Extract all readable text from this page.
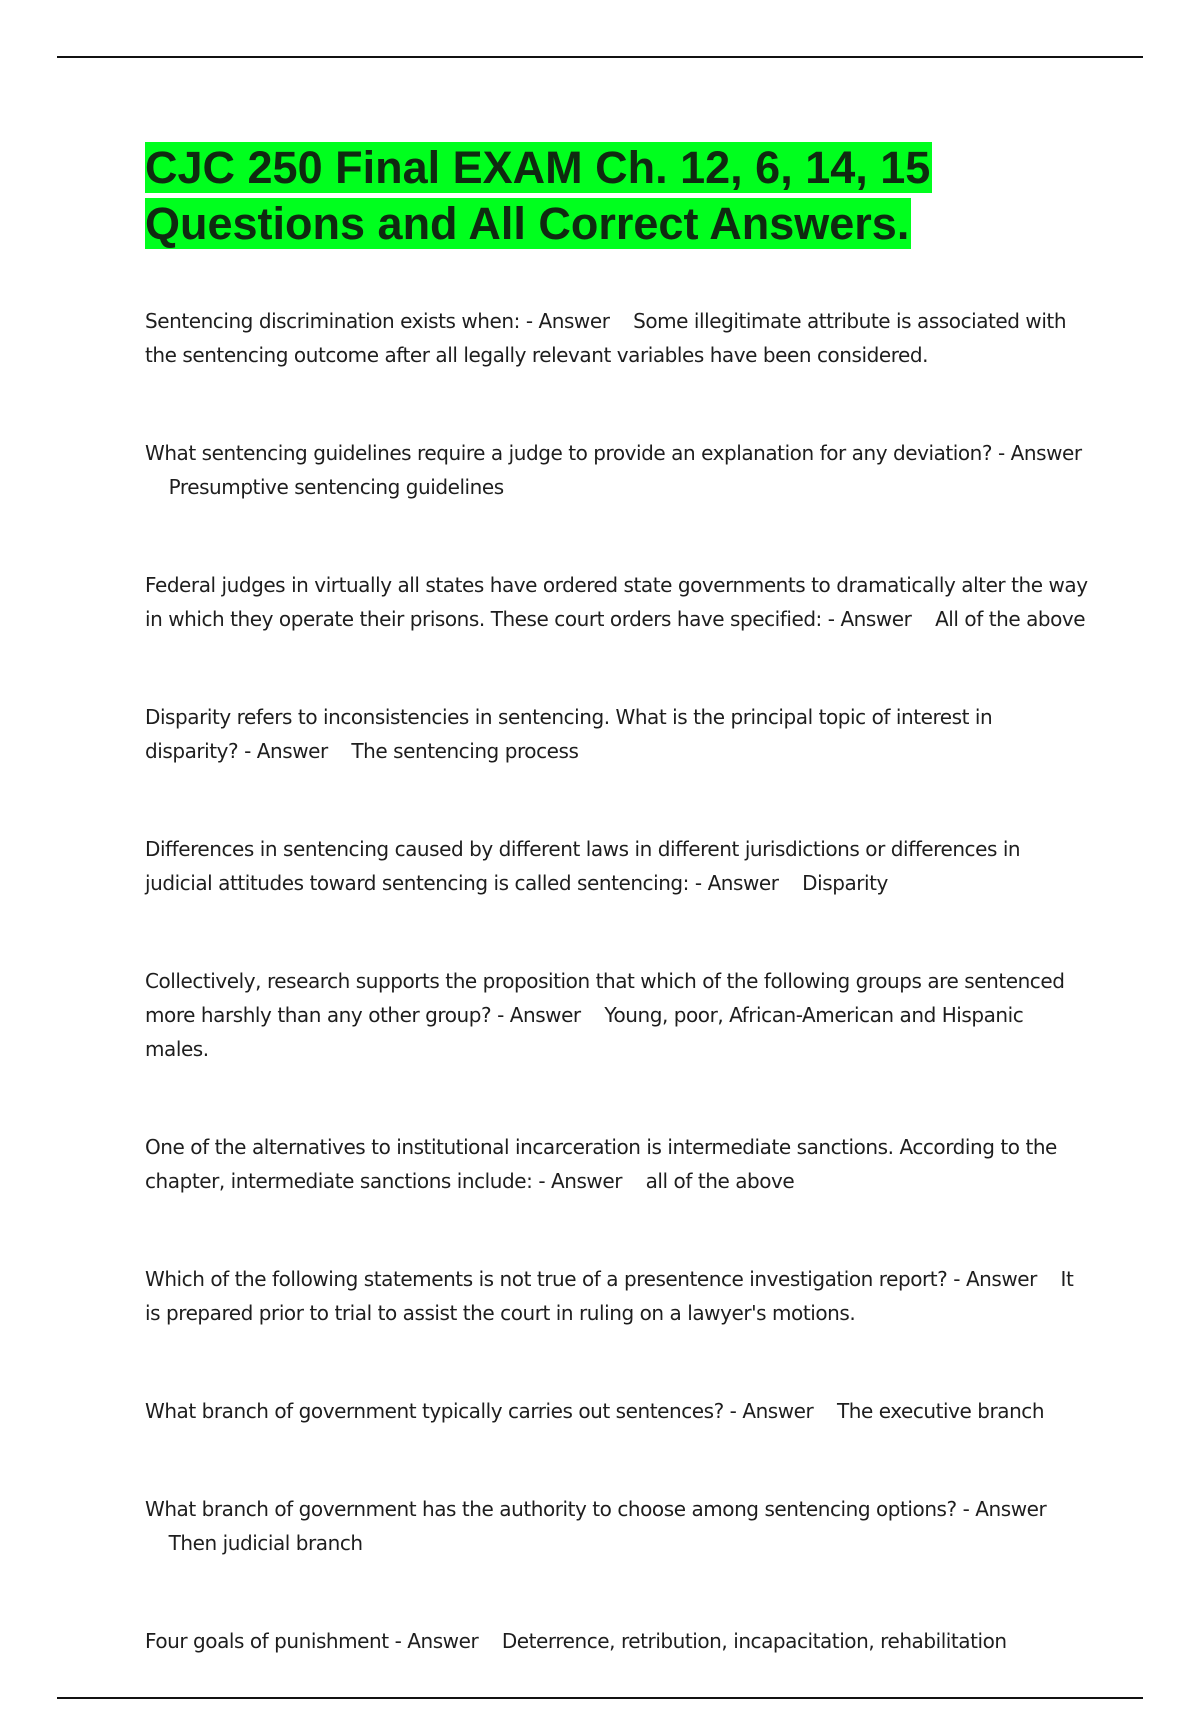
CJC 250 Final EXAM Ch. 12, 6, 14, 15 Questions and All Correct Answers.
Sentencing discrimination exists when: - Answer Some illegitimate attribute is associated with the sentencing outcome after all legally relevant variables have been considered.
What sentencing guidelines require a judge to provide an explanation for any deviation? - Answer    Presumptive sentencing guidelines
Federal judges in virtually all states have ordered state governments to dramatically alter the way in which they operate their prisons. These court orders have specified: - Answer All of the above
Disparity refers to inconsistencies in sentencing. What is the principal topic of interest in disparity? - Answer The sentencing process
Differences in sentencing caused by different laws in different jurisdictions or differences in judicial attitudes toward sentencing is called sentencing: - Answer Disparity
Collectively, research supports the proposition that which of the following groups are sentenced more harshly than any other group? - Answer Young, poor, African-American and Hispanic males.
One of the alternatives to institutional incarceration is intermediate sanctions. According to the chapter, intermediate sanctions include: - Answer all of the above
Which of the following statements is not true of a presentence investigation report? - Answer It is prepared prior to trial to assist the court in ruling on a lawyer's motions.
What branch of government typically carries out sentences? - Answer The executive branch
What branch of government has the authority to choose among sentencing options? - Answer    Then judicial branch
Four goals of punishment - Answer Deterrence, retribution, incapacitation, rehabilitation
